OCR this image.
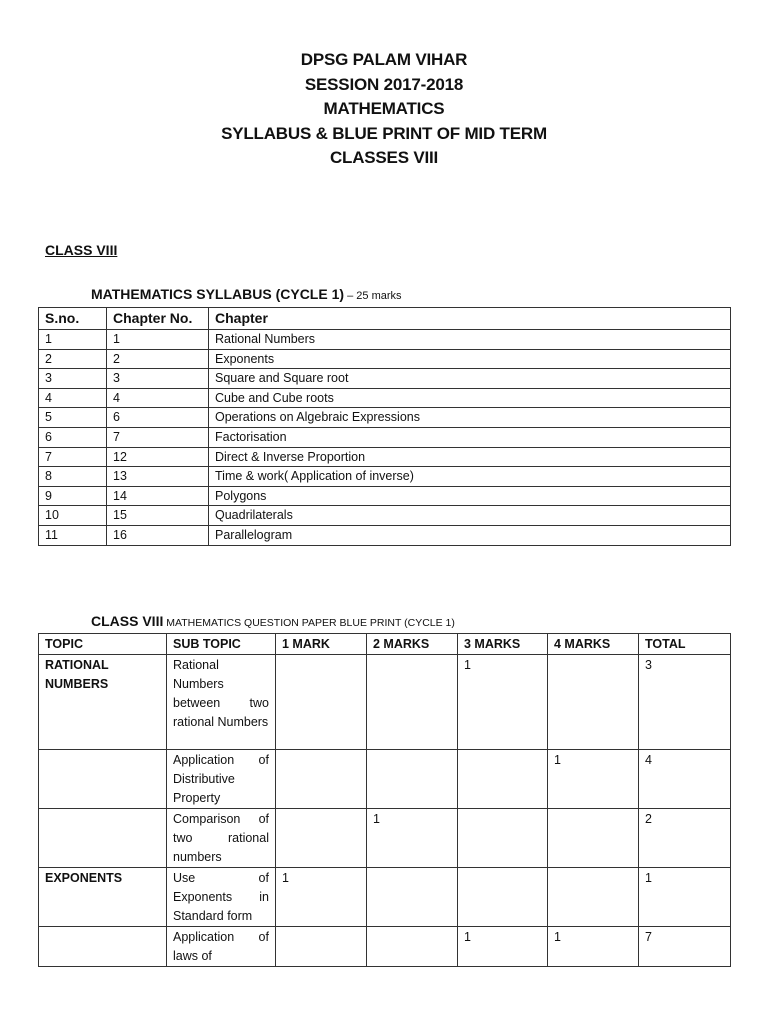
DPSG PALAM VIHAR
SESSION 2017-2018
MATHEMATICS
SYLLABUS & BLUE PRINT OF MID TERM
CLASSES VIII
CLASS VIII
MATHEMATICS SYLLABUS (CYCLE 1) – 25 marks
S.no.	Chapter No.	Chapter
1	1	Rational Numbers
2	2	Exponents
3	3	Square and Square root
4	4	Cube and Cube roots
5	6	Operations on Algebraic Expressions
6	7	Factorisation
7	12	Direct & Inverse Proportion
8	13	Time & work( Application of inverse)
9	14	Polygons
10	15	Quadrilaterals
11	16	Parallelogram
CLASS VIII MATHEMATICS QUESTION PAPER BLUE PRINT (CYCLE 1)
TOPIC	SUB TOPIC	1 MARK	2 MARKS	3 MARKS	4 MARKS	TOTAL
RATIONAL NUMBERS	Rational Numbers between two rational Numbers			1		3
	Application of Distributive Property				1	4
	Comparison of two rational numbers		1			2
EXPONENTS	Use of Exponents in Standard form	1				1
	Application of laws of			1	1	7
